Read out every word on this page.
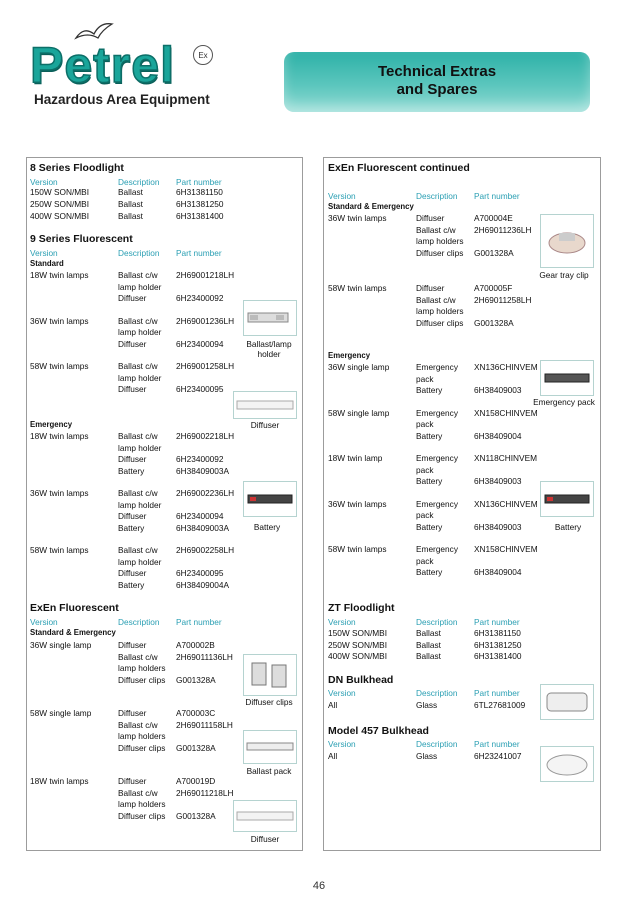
Petrel	Ex
Hazardous Area Equipment
Technical Extras
and Spares
8 Series Floodlight
Version	Description Part number
150W SON/MBI	Ballast	6H31381150
250W SON/MBI	Ballast	6H31381250
400W SON/MBI	Ballast	6H31381400
9 Series Fluorescent
Version	Description Part number
Standard
18W twin lamps	Ballast c/w 2H69001218LH
lamp holder
Diffuser	6H23400092
36W twin lamps	Ballast c/w 2H69001236LH
lamp holder
Diffuser	6H23400094
58W twin lamps	Ballast c/w 2H69001258LH
lamp holder
Diffuser	6H23400095
Emergency
18W twin lamps	Ballast c/w 2H69002218LH
lamp holder
Diffuser	6H23400092
Battery	6H38409003A
36W twin lamps	Ballast c/w 2H69002236LH
lamp holder
Diffuser	6H23400094
Battery	6H38409003A
58W twin lamps	Ballast c/w 2H69002258LH
lamp holder
Diffuser	6H23400095
Battery	6H38409004A
ExEn Fluorescent
Version	Description Part number
Standard & Emergency
36W single lamp	Diffuser	A700002B
Ballast c/w 2H69011136LH
lamp holders
Diffuser clips G001328A
58W single lamp	Diffuser	A700003C
Ballast c/w 2H69011158LH
lamp holders
Diffuser clips G001328A
18W twin lamps	Diffuser	A700019D
Ballast c/w 2H69011218LH
lamp holders
Diffuser clips G001328A
ExEn Fluorescent continued
Version	Description Part number
Standard & Emergency
36W twin lamps	Diffuser	A700004E
Ballast c/w 2H69011236LH
lamp holders
Diffuser clips G001328A
58W twin lamps	Diffuser	A700005F
Ballast c/w 2H69011258LH
lamp holders
Diffuser clips G001328A
Emergency
36W single lamp	Emergency XN136CHINVEM
pack
Battery	6H38409003
58W single lamp	Emergency XN158CHINVEM
pack
Battery	6H38409004
18W twin lamp	Emergency XN118CHINVEM
pack
Battery	6H38409003
36W twin lamps	Emergency XN136CHINVEM
pack
Battery	6H38409003
58W twin lamps	Emergency XN158CHINVEM
pack
Battery	6H38409004
ZT Floodlight
Version	Description Part number
150W SON/MBI	Ballast	6H31381150
250W SON/MBI	Ballast	6H31381250
400W SON/MBI	Ballast	6H31381400
DN Bulkhead
Version	Description Part number
All	Glass	6TL27681009
Model 457 Bulkhead
Version	Description Part number
All	Glass	6H23241007
Ballast/lamp
holder
Diffuser
Battery
Diffuser clips
Ballast pack
Diffuser
Gear tray clip
Emergency pack
Battery
46
